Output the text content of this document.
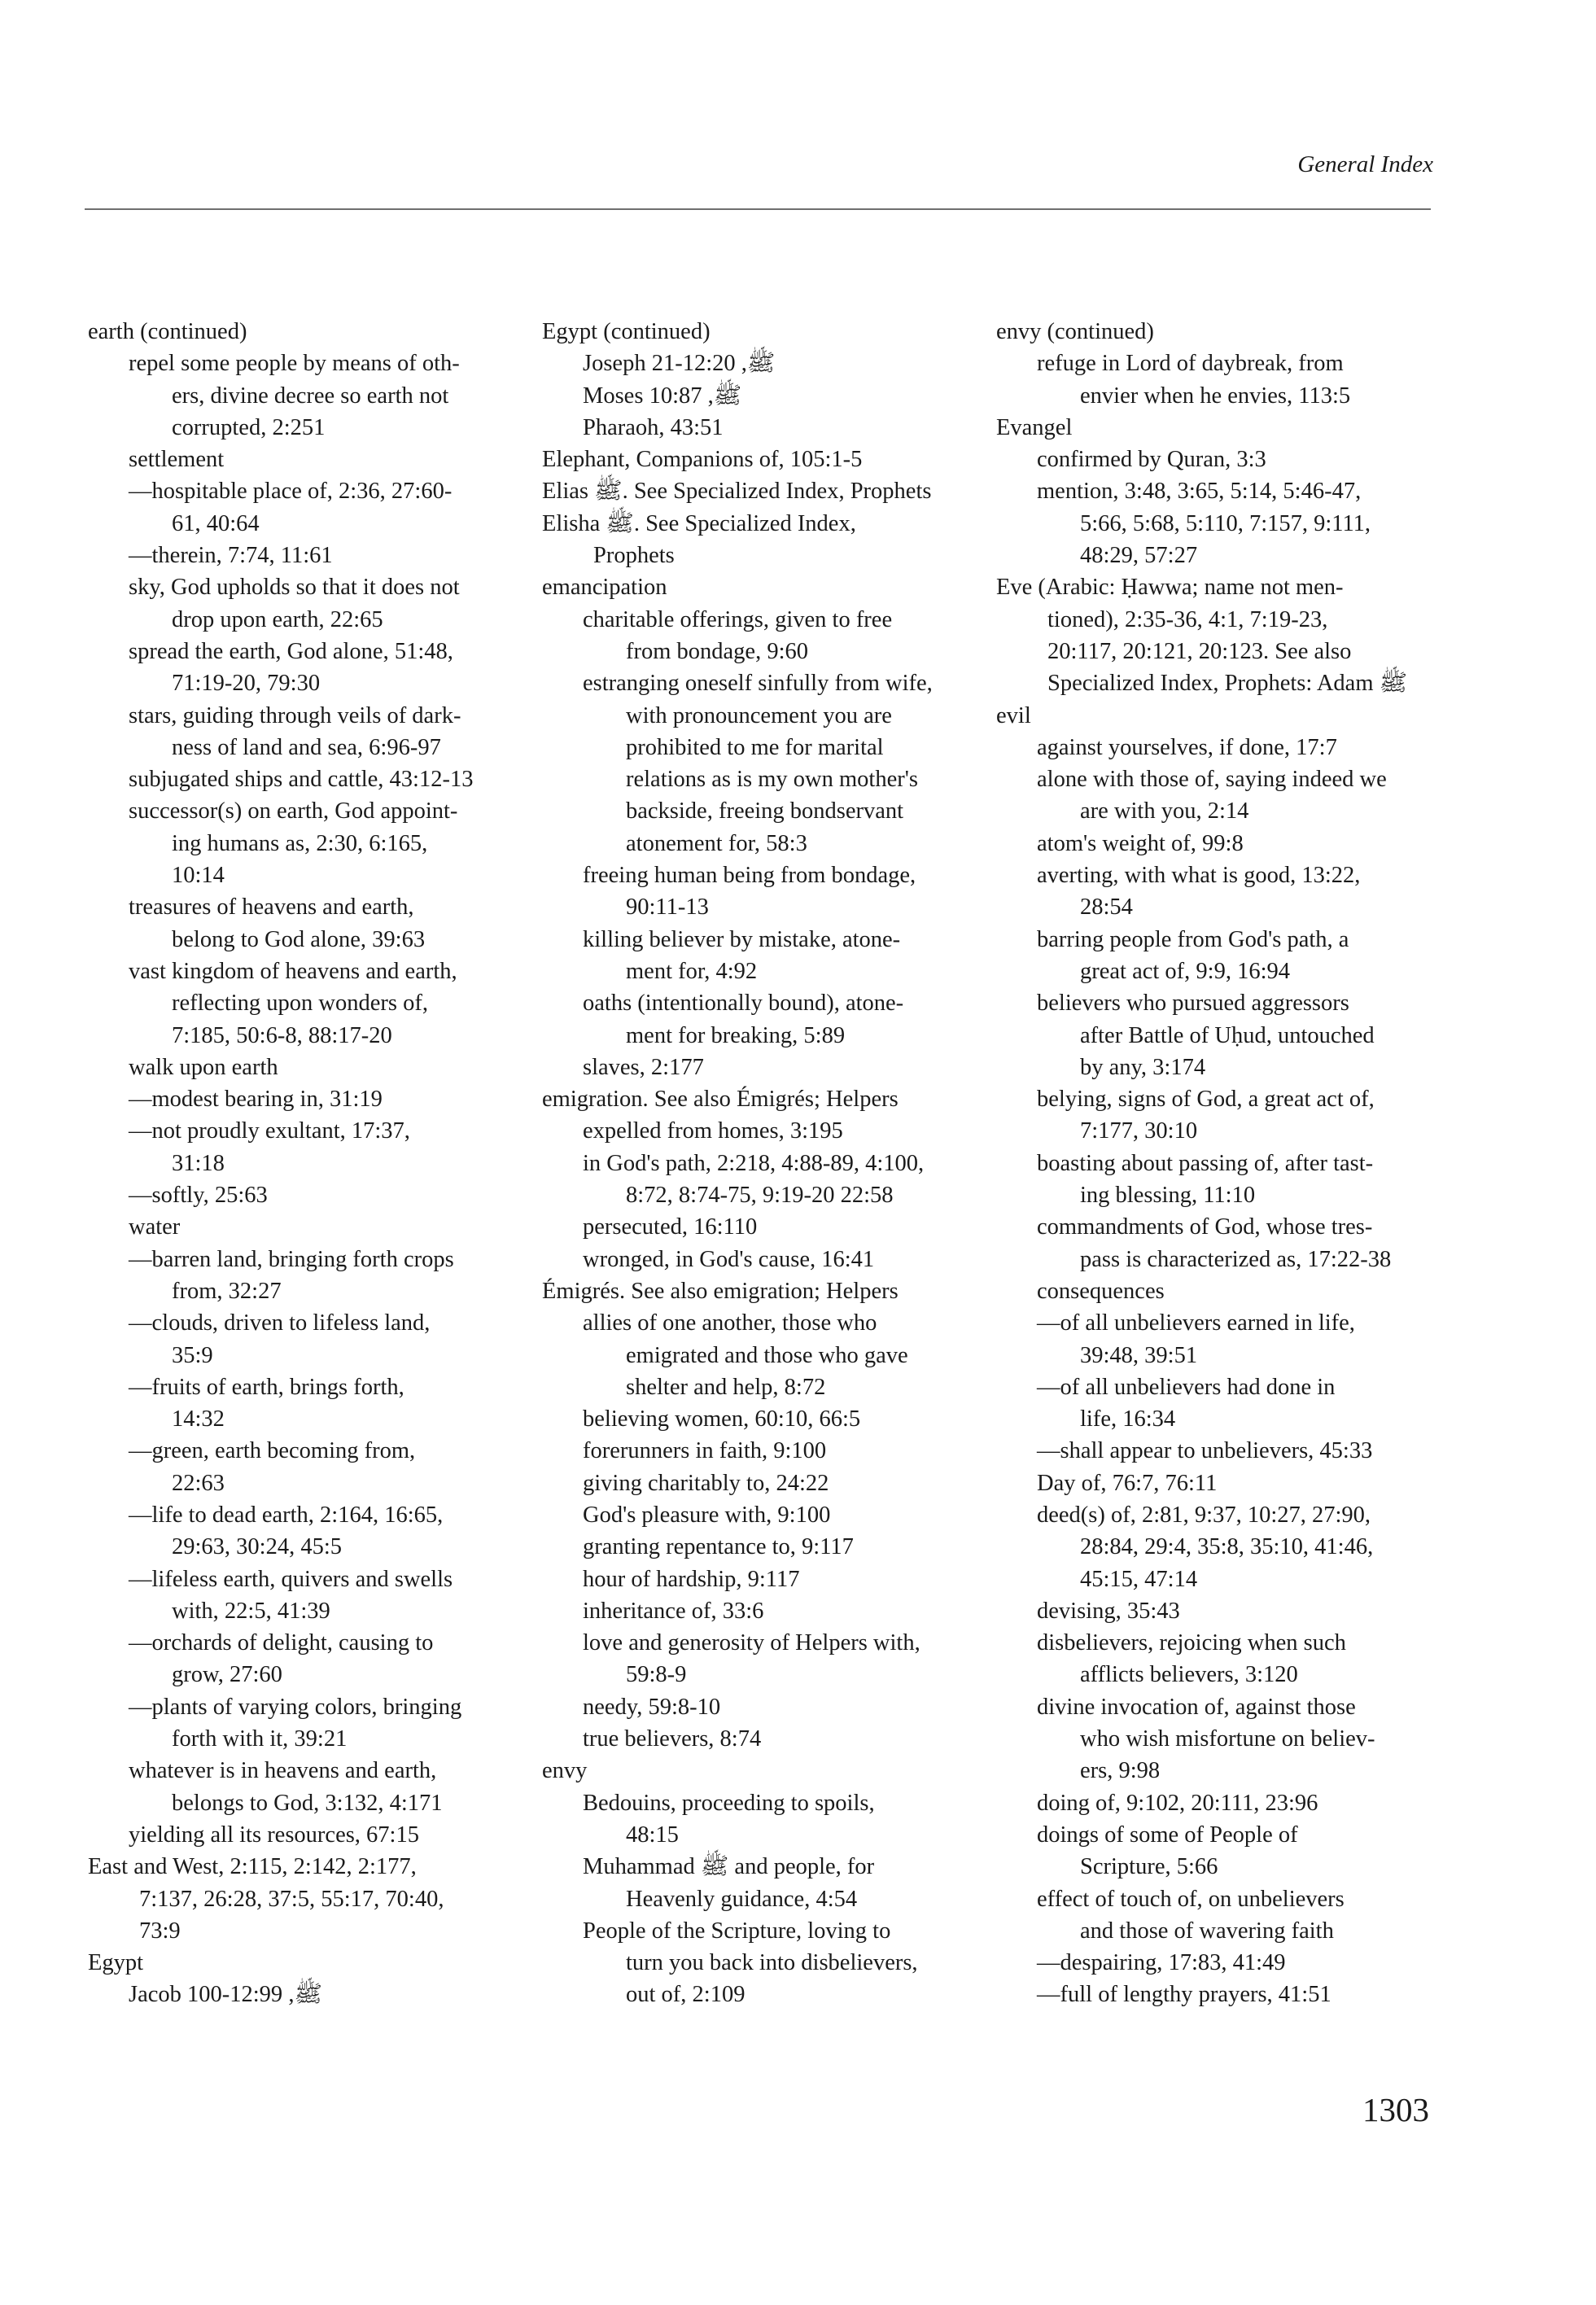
General Index
earth (continued)
repel some people by means of oth-
ers, divine decree so earth not
corrupted, 2:251
settlement
—hospitable place of, 2:36, 27:60-
61, 40:64
—therein, 7:74, 11:61
sky, God upholds so that it does not
drop upon earth, 22:65
spread the earth, God alone, 51:48,
71:19-20, 79:30
stars, guiding through veils of dark-
ness of land and sea, 6:96-97
subjugated ships and cattle, 43:12-13
successor(s) on earth, God appoint-
ing humans as, 2:30, 6:165,
10:14
treasures of heavens and earth,
belong to God alone, 39:63
vast kingdom of heavens and earth,
reflecting upon wonders of,
7:185, 50:6-8, 88:17-20
walk upon earth
—modest bearing in, 31:19
—not proudly exultant, 17:37,
31:18
—softly, 25:63
water
—barren land, bringing forth crops
from, 32:27
—clouds, driven to lifeless land,
35:9
—fruits of earth, brings forth,
14:32
—green, earth becoming from,
22:63
—life to dead earth, 2:164, 16:65,
29:63, 30:24, 45:5
—lifeless earth, quivers and swells
with, 22:5, 41:39
—orchards of delight, causing to
grow, 27:60
—plants of varying colors, bringing
forth with it, 39:21
whatever is in heavens and earth,
belongs to God, 3:132, 4:171
yielding all its resources, 67:15
East and West, 2:115, 2:142, 2:177,
7:137, 26:28, 37:5, 55:17, 70:40,
73:9
Egypt
Jacob ﷺ, 12:99-100
Egypt (continued)
Joseph ﷺ, 12:20-21
Moses ﷺ, 10:87
Pharaoh, 43:51
Elephant, Companions of, 105:1-5
Elias ﷺ. See Specialized Index, Prophets
Elisha ﷺ. See Specialized Index,
Prophets
emancipation
charitable offerings, given to free
from bondage, 9:60
estranging oneself sinfully from wife,
with pronouncement you are
prohibited to me for marital
relations as is my own mother's
backside, freeing bondservant
atonement for, 58:3
freeing human being from bondage,
90:11-13
killing believer by mistake, atone-
ment for, 4:92
oaths (intentionally bound), atone-
ment for breaking, 5:89
slaves, 2:177
emigration. See also Émigrés; Helpers
expelled from homes, 3:195
in God's path, 2:218, 4:88-89, 4:100,
8:72, 8:74-75, 9:19-20 22:58
persecuted, 16:110
wronged, in God's cause, 16:41
Émigrés. See also emigration; Helpers
allies of one another, those who
emigrated and those who gave
shelter and help, 8:72
believing women, 60:10, 66:5
forerunners in faith, 9:100
giving charitably to, 24:22
God's pleasure with, 9:100
granting repentance to, 9:117
hour of hardship, 9:117
inheritance of, 33:6
love and generosity of Helpers with,
59:8-9
needy, 59:8-10
true believers, 8:74
envy
Bedouins, proceeding to spoils,
48:15
Muhammad ﷺ and people, for
Heavenly guidance, 4:54
People of the Scripture, loving to
turn you back into disbelievers,
out of, 2:109
envy (continued)
refuge in Lord of daybreak, from
envier when he envies, 113:5
Evangel
confirmed by Quran, 3:3
mention, 3:48, 3:65, 5:14, 5:46-47,
5:66, 5:68, 5:110, 7:157, 9:111,
48:29, 57:27
Eve (Arabic: Ḥawwa; name not men-
tioned), 2:35-36, 4:1, 7:19-23,
20:117, 20:121, 20:123. See also
Specialized Index, Prophets: Adam ﷺ
evil
against yourselves, if done, 17:7
alone with those of, saying indeed we
are with you, 2:14
atom's weight of, 99:8
averting, with what is good, 13:22,
28:54
barring people from God's path, a
great act of, 9:9, 16:94
believers who pursued aggressors
after Battle of Uḥud, untouched
by any, 3:174
belying, signs of God, a great act of,
7:177, 30:10
boasting about passing of, after tast-
ing blessing, 11:10
commandments of God, whose tres-
pass is characterized as, 17:22-38
consequences
—of all unbelievers earned in life,
39:48, 39:51
—of all unbelievers had done in
life, 16:34
—shall appear to unbelievers, 45:33
Day of, 76:7, 76:11
deed(s) of, 2:81, 9:37, 10:27, 27:90,
28:84, 29:4, 35:8, 35:10, 41:46,
45:15, 47:14
devising, 35:43
disbelievers, rejoicing when such
afflicts believers, 3:120
divine invocation of, against those
who wish misfortune on believ-
ers, 9:98
doing of, 9:102, 20:111, 23:96
doings of some of People of
Scripture, 5:66
effect of touch of, on unbelievers
and those of wavering faith
—despairing, 17:83, 41:49
—full of lengthy prayers, 41:51
1303
